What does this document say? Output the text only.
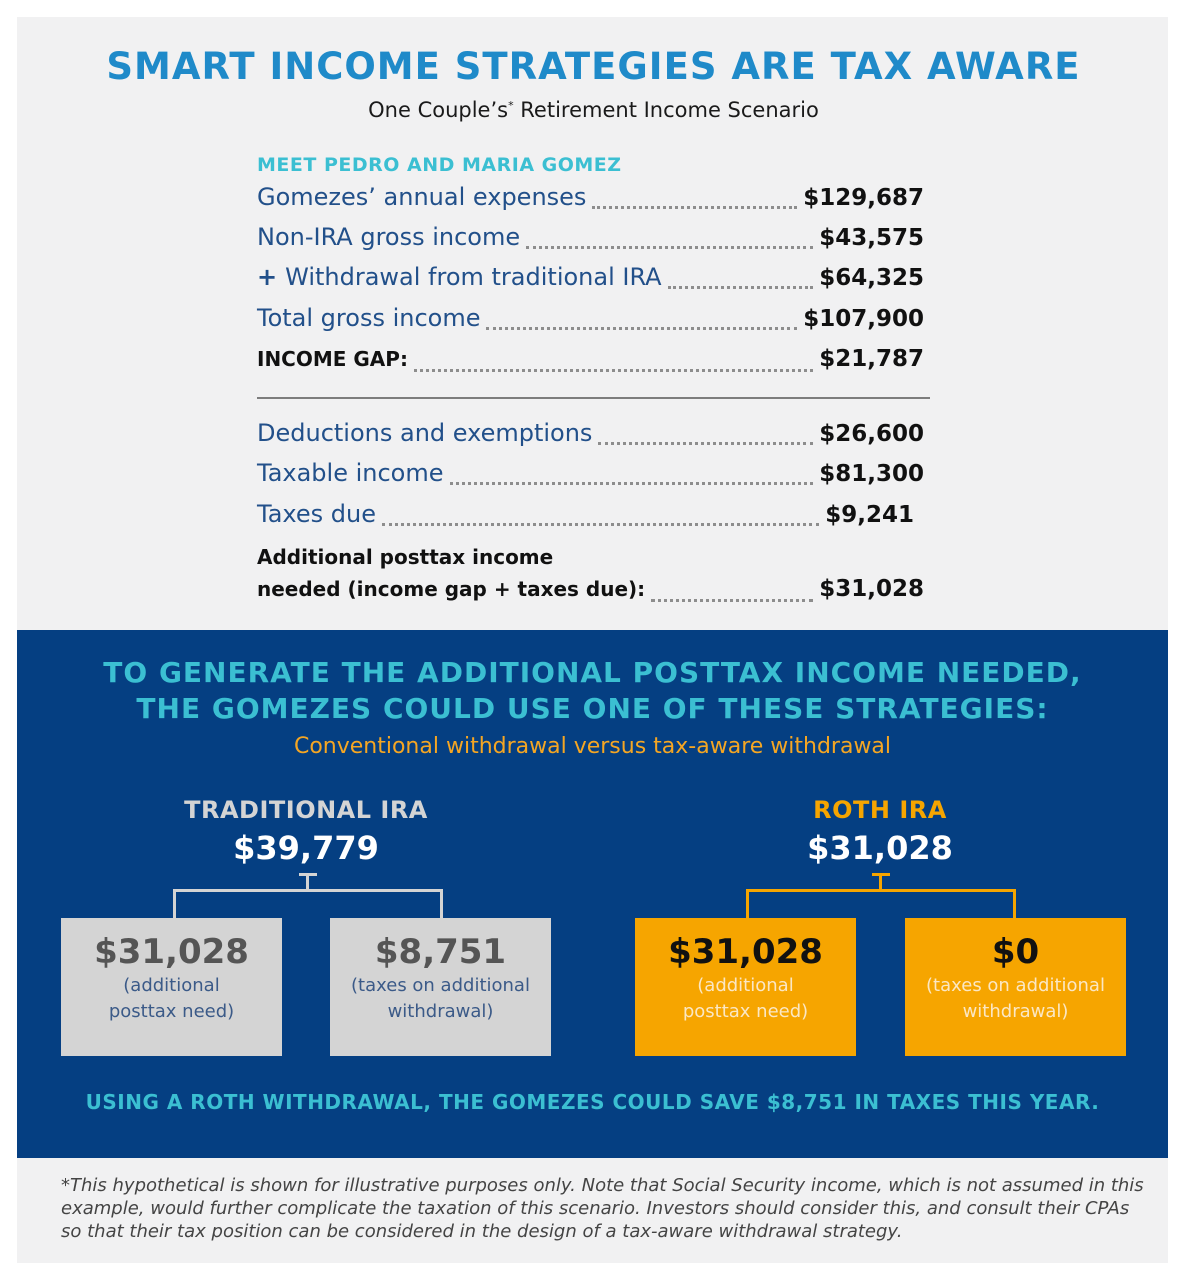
SMART INCOME STRATEGIES ARE TAX AWARE
One Couple’s* Retirement Income Scenario
MEET PEDRO AND MARIA GOMEZ
Gomezes’ annual expenses	$129,687
Non-IRA gross income	$43,575
+ Withdrawal from traditional IRA	$64,325
Total gross income	$107,900
INCOME GAP:	$21,787
Deductions and exemptions	$26,600
Taxable income	$81,300
Taxes due	$9,241
Additional posttax income
needed (income gap + taxes due):	$31,028
TO GENERATE THE ADDITIONAL POSTTAX INCOME NEEDED,
THE GOMEZES COULD USE ONE OF THESE STRATEGIES:
Conventional withdrawal versus tax-aware withdrawal
TRADITIONAL IRA
$39,779
$31,028
(additional
posttax need)
$8,751
(taxes on additional
withdrawal)
ROTH IRA
$31,028
$31,028
(additional
posttax need)
$0
(taxes on additional
withdrawal)
USING A ROTH WITHDRAWAL, THE GOMEZES COULD SAVE $8,751 IN TAXES THIS YEAR.

*This hypothetical is shown for illustrative purposes only. Note that Social Security income, which is not assumed in this example, would further complicate the taxation of this scenario. Investors should consider this, and consult their CPAs so that their tax position can be considered in the design of a tax-aware withdrawal strategy.
